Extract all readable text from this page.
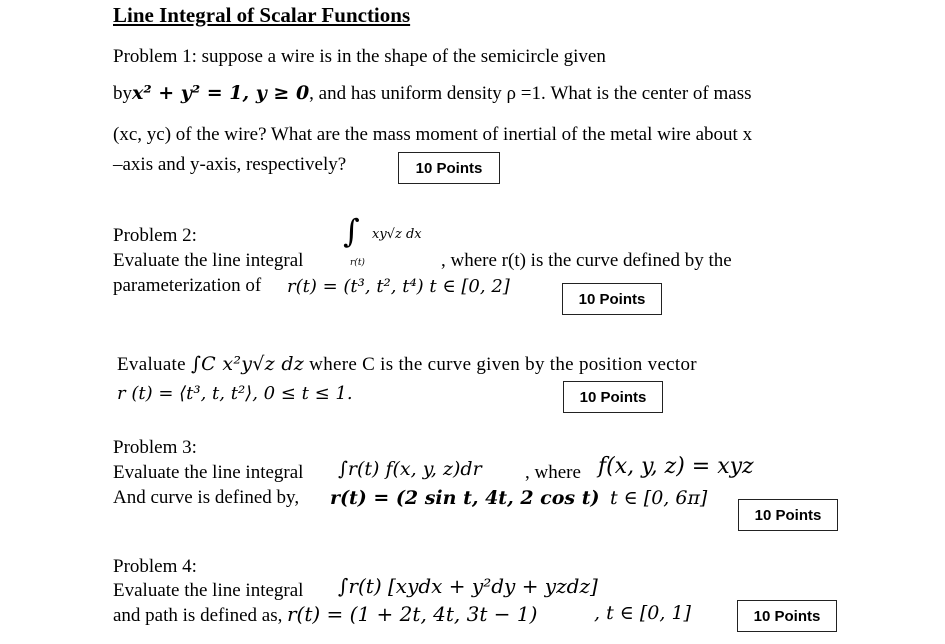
Line Integral of Scalar Functions
Problem 1: suppose a wire is in the shape of the semicircle given
byx² + y² = 1, y ≥ 0, and has uniform density ρ =1. What is the center of mass
(xc, yc) of the wire? What are the mass moment of inertial of the metal wire about x
–axis and y-axis, respectively?	10 Points
Problem 2:	∫ xy√z dx
r(t)
Evaluate the line integral	, where r(t) is the curve defined by the
parameterization of r(t) = (t³, t², t⁴) t ∈ [0, 2]
10 Points
Evaluate ∫C x²y√z dz where C is the curve given by the position vector
r (t) = ⟨t³, t, t²⟩, 0 ≤ t ≤ 1.	10 Points
Problem 3:
Evaluate the line integral ∫r(t) f(x, y, z)dr , where f(x, y, z) = xyz
And curve is defined by, r(t) = (2 sin t, 4t, 2 cos t) t ∈ [0, 6π]
10 Points
Problem 4:
Evaluate the line integral ∫r(t) [xydx + y²dy + yzdz]
and path is defined as, r(t) = (1 + 2t, 4t, 3t − 1)	, t ∈ [0, 1]	10 Points
